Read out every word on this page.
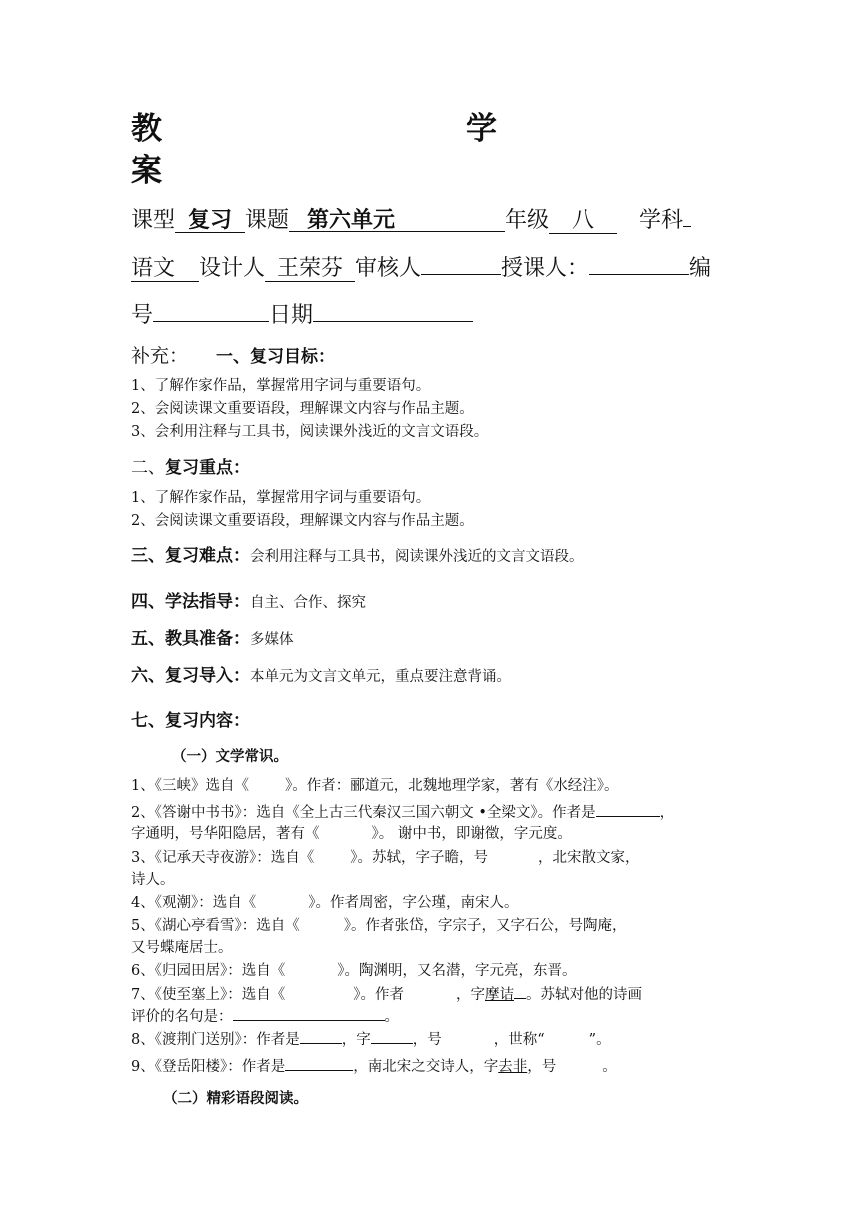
教	学
案
课型 复习 课题 第六单元	年级 八 学科
语文 设计人 王荣芬 审核人	授课人：	编
号	日期
补充： 一、复习目标：
1、了解作家作品，掌握常用字词与重要语句。
2、会阅读课文重要语段，理解课文内容与作品主题。
3、会利用注释与工具书，阅读课外浅近的文言文语段。
二、复习重点：
1、了解作家作品，掌握常用字词与重要语句。
2、会阅读课文重要语段，理解课文内容与作品主题。
三、复习难点：会利用注释与工具书，阅读课外浅近的文言文语段。
四、学法指导：自主、合作、探究
五、教具准备：多媒体
六、复习导入：本单元为文言文单元，重点要注意背诵。
七、复习内容：
（一）文学常识。
1、《三峡》选自《 》。作者：郦道元，北魏地理学家，著有《水经注》。
2、《答谢中书书》：选自《全上古三代秦汉三国六朝文 •全梁文》。作者是	，
字通明，号华阳隐居，著有《	》。 谢中书，即谢徵，字元度。
3、《记承天寺夜游》：选自《 》。苏轼，字子瞻，号	，北宋散文家，
诗人。
4、《观潮》：选自《	》。作者周密，字公瑾，南宋人。
5、《湖心亭看雪》：选自《	》。作者张岱，字宗子，又字石公，号陶庵，
又号蝶庵居士。
6、《归园田居》：选自《	》。陶渊明，又名潜，字元亮，东晋。
7、《使至塞上》：选自《	》。作者	，字摩诘 。苏轼对他的诗画
评价的名句是：	。
8、《渡荆门送别》：作者是	，字	，号	，世称“	”。
9、《登岳阳楼》：作者是	，南北宋之交诗人，字去非，号	。
（二）精彩语段阅读。
